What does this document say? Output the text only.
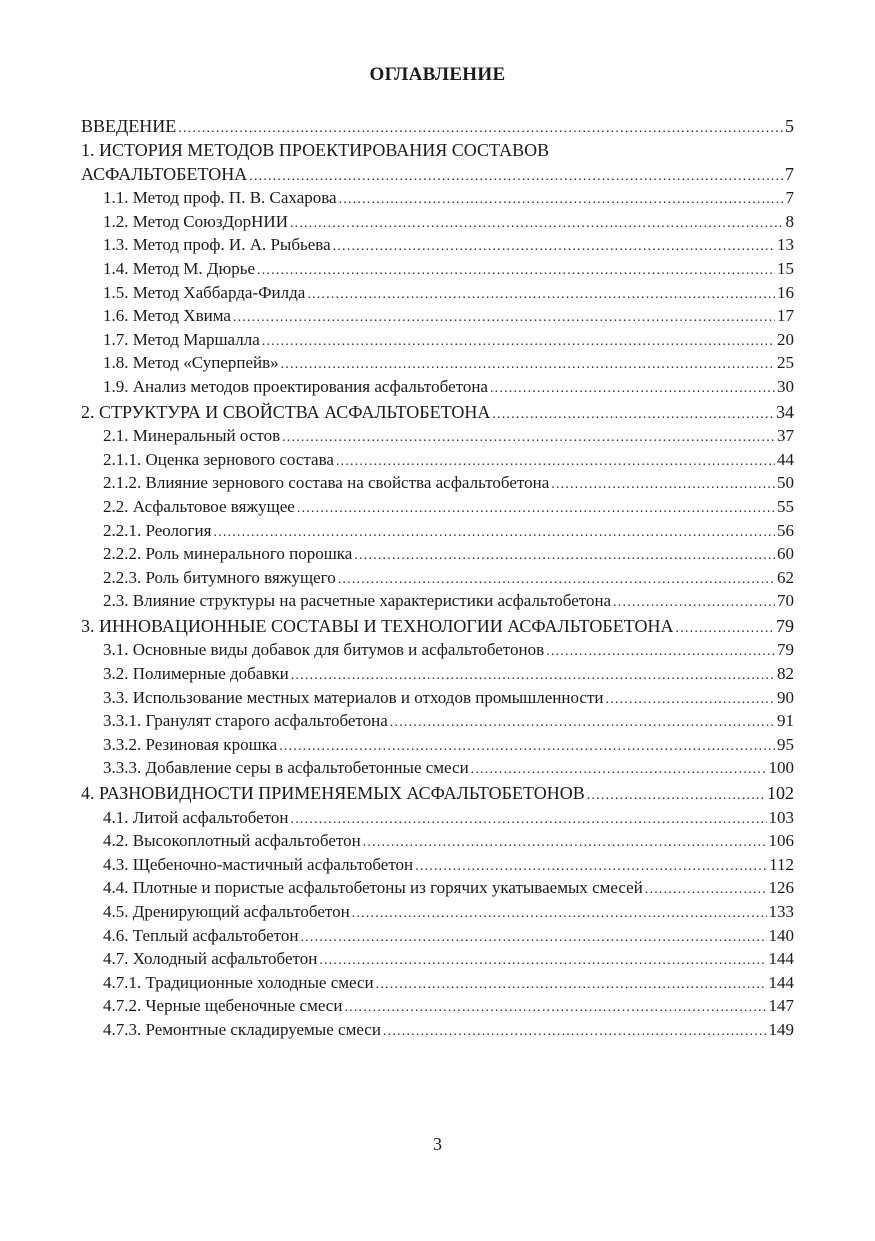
ОГЛАВЛЕНИЕ
ВВЕДЕНИЕ .....	5
1. ИСТОРИЯ МЕТОДОВ ПРОЕКТИРОВАНИЯ СОСТАВОВ
АСФАЛЬТОБЕТОНА .....	7
1.1. Метод проф. П. В. Сахарова .....	7
1.2. Метод СоюзДорНИИ .....	8
1.3. Метод проф. И. А. Рыбьева .....	13
1.4. Метод М. Дюрье .....	15
1.5. Метод Хаббарда-Филда .....	16
1.6. Метод Хвима .....	17
1.7. Метод Маршалла .....	20
1.8. Метод «Суперпейв» .....	25
1.9. Анализ методов проектирования асфальтобетона .....	30
2. СТРУКТУРА И СВОЙСТВА АСФАЛЬТОБЕТОНА .....	34
2.1. Минеральный остов .....	37
2.1.1. Оценка зернового состава .....	44
2.1.2. Влияние зернового состава на свойства асфальтобетона .....	50
2.2. Асфальтовое вяжущее .....	55
2.2.1. Реология .....	56
2.2.2. Роль минерального порошка .....	60
2.2.3. Роль битумного вяжущего .....	62
2.3. Влияние структуры на расчетные характеристики асфальтобетона .....	70
3. ИННОВАЦИОННЫЕ СОСТАВЫ И ТЕХНОЛОГИИ АСФАЛЬТОБЕТОНА .....	79
3.1. Основные виды добавок для битумов и асфальтобетонов .....	79
3.2. Полимерные добавки .....	82
3.3. Использование местных материалов и отходов промышленности .....	90
3.3.1. Гранулят старого асфальтобетона .....	91
3.3.2. Резиновая крошка .....	95
3.3.3. Добавление серы в асфальтобетонные смеси .....	100
4. РАЗНОВИДНОСТИ ПРИМЕНЯЕМЫХ АСФАЛЬТОБЕТОНОВ .....	102
4.1. Литой асфальтобетон .....	103
4.2. Высокоплотный асфальтобетон .....	106
4.3. Щебеночно-мастичный асфальтобетон .....	112
4.4. Плотные и пористые асфальтобетоны из горячих укатываемых смесей .....	126
4.5. Дренирующий асфальтобетон .....	133
4.6. Теплый асфальтобетон .....	140
4.7. Холодный асфальтобетон .....	144
4.7.1. Традиционные холодные смеси .....	144
4.7.2. Черные щебеночные смеси .....	147
4.7.3. Ремонтные складируемые смеси .....	149
3
